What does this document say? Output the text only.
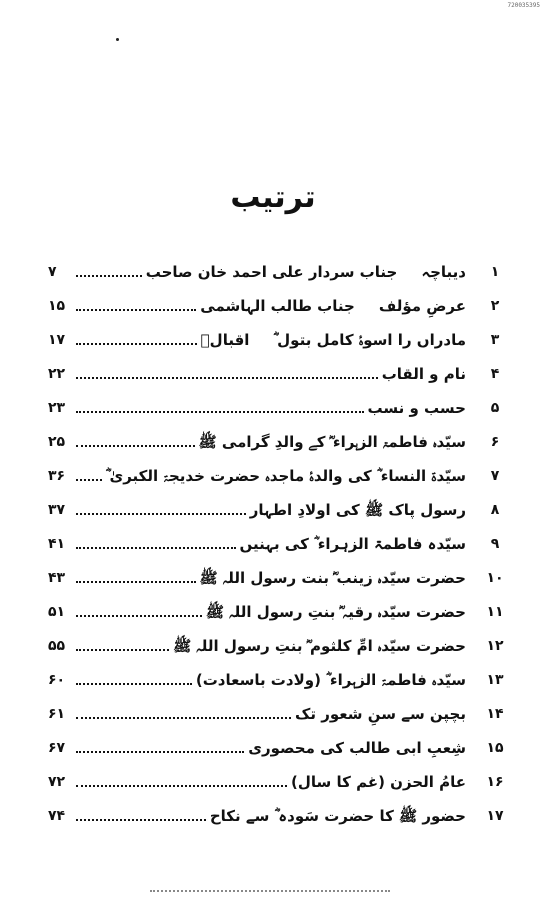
720035395
ترتیب
۱
دیباچہ
جناب سردار علی احمد خان صاحب
۷
۲
عرضِ مؤلف
جناب طالب الہاشمی
۱۵
۳
مادراں را اسوۂ کامل بتول ؓ
اقبالؒ
۱۷
۴
نام و القاب
۲۲
۵
حسب و نسب
۲۳
۶
سیّدہ فاطمۃ الزہراء ؓ کے والدِ گرامی ﷺ
۲۵
۷
سیّدۃ النساء ؓ کی والدۂ ماجدہ حضرت خدیجۃ الکبریٰ ؓ
۳۶
۸
رسول پاک ﷺ کی اولادِ اطہار
۳۷
۹
سیّدہ فاطمۃ الزہراء ؓ کی بہنیں
۴۱
۱۰
حضرت سیّدہ زینب ؓ بنت رسول اللہ ﷺ
۴۳
۱۱
حضرت سیّدہ رقیہ ؓ بنتِ رسول اللہ ﷺ
۵۱
۱۲
حضرت سیّدہ امِّ کلثوم ؓ بنتِ رسول اللہ ﷺ
۵۵
۱۳
سیّدہ فاطمۃ الزہراء ؓ (ولادت باسعادت)
۶۰
۱۴
بچپن سے سنِ شعور تک
۶۱
۱۵
شِعبِ ابی طالب کی محصوری
۶۷
۱۶
عامُ الحزن (غم کا سال)
۷۲
۱۷
حضور ﷺ کا حضرت سَودہ ؓ سے نکاح
۷۴
